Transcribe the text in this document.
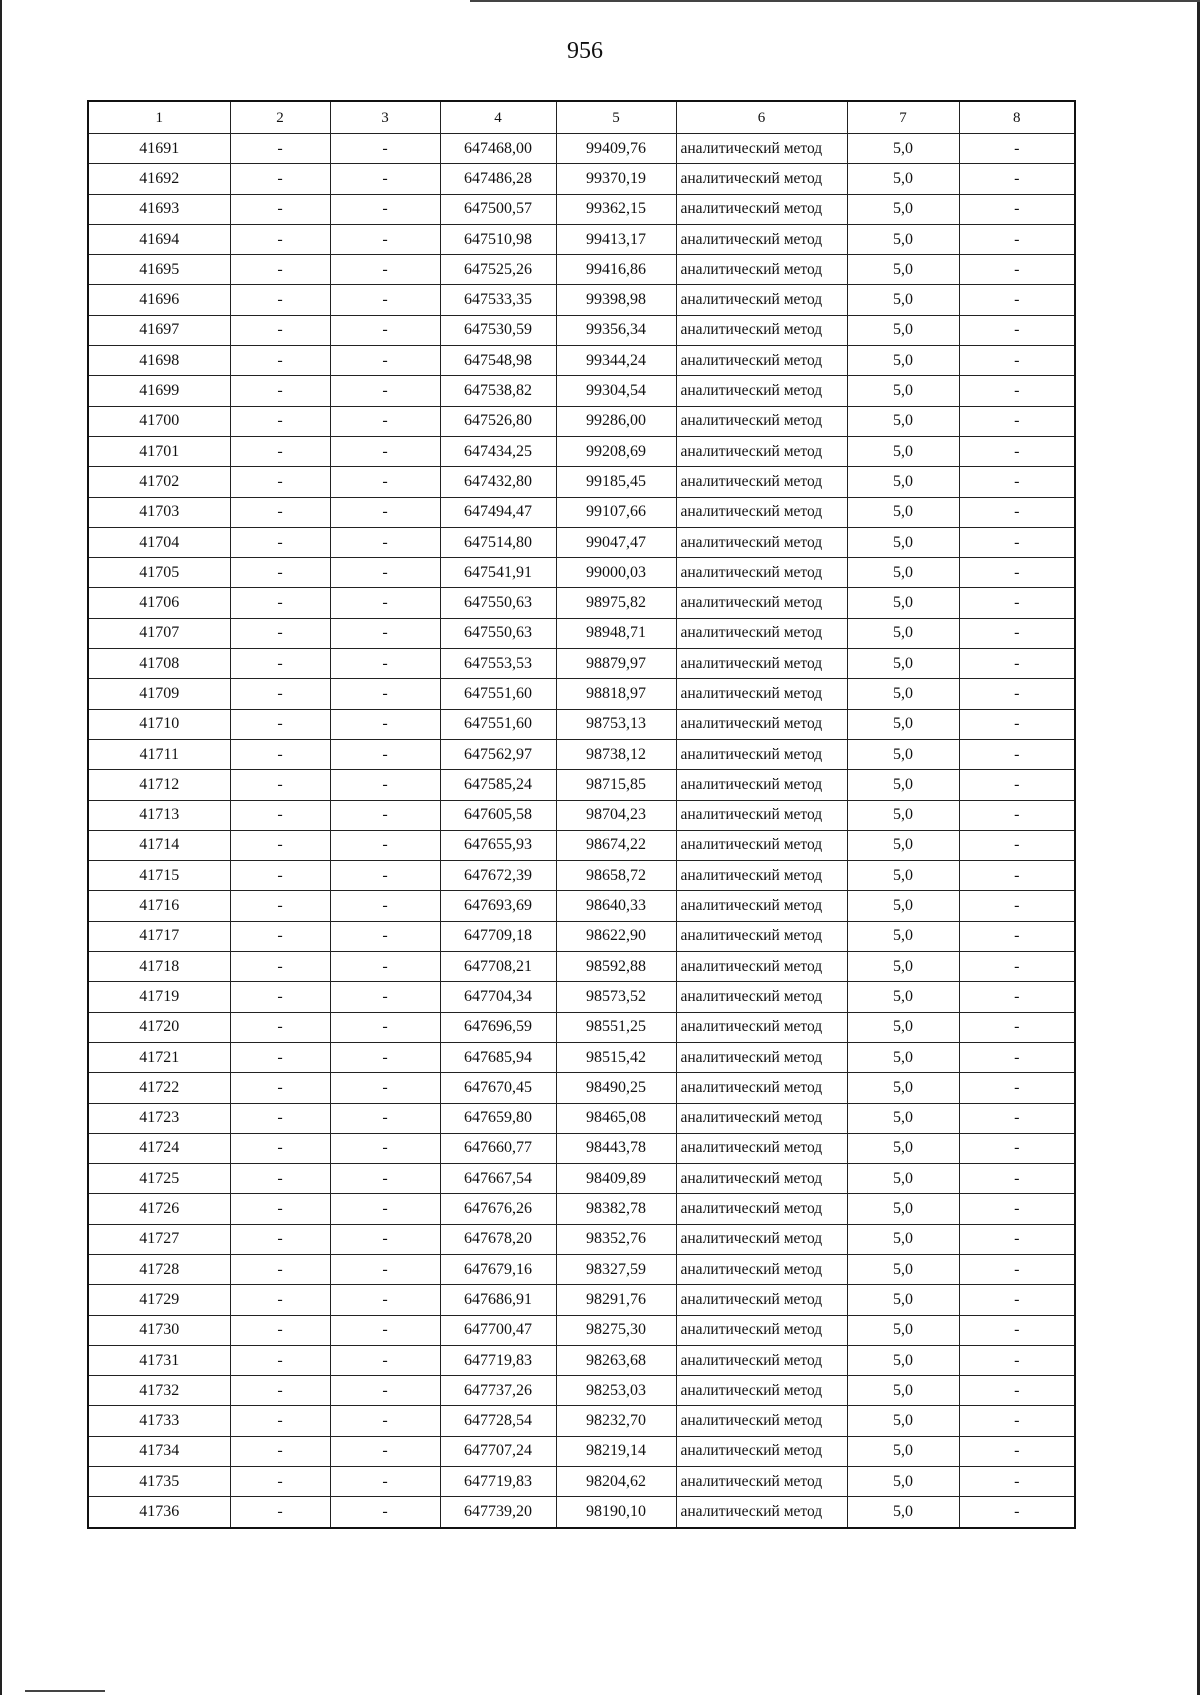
956
1	2	3	4	5	6	7	8
41691	-	-	647468,00	99409,76	аналитический метод	5,0	-
41692	-	-	647486,28	99370,19	аналитический метод	5,0	-
41693	-	-	647500,57	99362,15	аналитический метод	5,0	-
41694	-	-	647510,98	99413,17	аналитический метод	5,0	-
41695	-	-	647525,26	99416,86	аналитический метод	5,0	-
41696	-	-	647533,35	99398,98	аналитический метод	5,0	-
41697	-	-	647530,59	99356,34	аналитический метод	5,0	-
41698	-	-	647548,98	99344,24	аналитический метод	5,0	-
41699	-	-	647538,82	99304,54	аналитический метод	5,0	-
41700	-	-	647526,80	99286,00	аналитический метод	5,0	-
41701	-	-	647434,25	99208,69	аналитический метод	5,0	-
41702	-	-	647432,80	99185,45	аналитический метод	5,0	-
41703	-	-	647494,47	99107,66	аналитический метод	5,0	-
41704	-	-	647514,80	99047,47	аналитический метод	5,0	-
41705	-	-	647541,91	99000,03	аналитический метод	5,0	-
41706	-	-	647550,63	98975,82	аналитический метод	5,0	-
41707	-	-	647550,63	98948,71	аналитический метод	5,0	-
41708	-	-	647553,53	98879,97	аналитический метод	5,0	-
41709	-	-	647551,60	98818,97	аналитический метод	5,0	-
41710	-	-	647551,60	98753,13	аналитический метод	5,0	-
41711	-	-	647562,97	98738,12	аналитический метод	5,0	-
41712	-	-	647585,24	98715,85	аналитический метод	5,0	-
41713	-	-	647605,58	98704,23	аналитический метод	5,0	-
41714	-	-	647655,93	98674,22	аналитический метод	5,0	-
41715	-	-	647672,39	98658,72	аналитический метод	5,0	-
41716	-	-	647693,69	98640,33	аналитический метод	5,0	-
41717	-	-	647709,18	98622,90	аналитический метод	5,0	-
41718	-	-	647708,21	98592,88	аналитический метод	5,0	-
41719	-	-	647704,34	98573,52	аналитический метод	5,0	-
41720	-	-	647696,59	98551,25	аналитический метод	5,0	-
41721	-	-	647685,94	98515,42	аналитический метод	5,0	-
41722	-	-	647670,45	98490,25	аналитический метод	5,0	-
41723	-	-	647659,80	98465,08	аналитический метод	5,0	-
41724	-	-	647660,77	98443,78	аналитический метод	5,0	-
41725	-	-	647667,54	98409,89	аналитический метод	5,0	-
41726	-	-	647676,26	98382,78	аналитический метод	5,0	-
41727	-	-	647678,20	98352,76	аналитический метод	5,0	-
41728	-	-	647679,16	98327,59	аналитический метод	5,0	-
41729	-	-	647686,91	98291,76	аналитический метод	5,0	-
41730	-	-	647700,47	98275,30	аналитический метод	5,0	-
41731	-	-	647719,83	98263,68	аналитический метод	5,0	-
41732	-	-	647737,26	98253,03	аналитический метод	5,0	-
41733	-	-	647728,54	98232,70	аналитический метод	5,0	-
41734	-	-	647707,24	98219,14	аналитический метод	5,0	-
41735	-	-	647719,83	98204,62	аналитический метод	5,0	-
41736	-	-	647739,20	98190,10	аналитический метод	5,0	-
